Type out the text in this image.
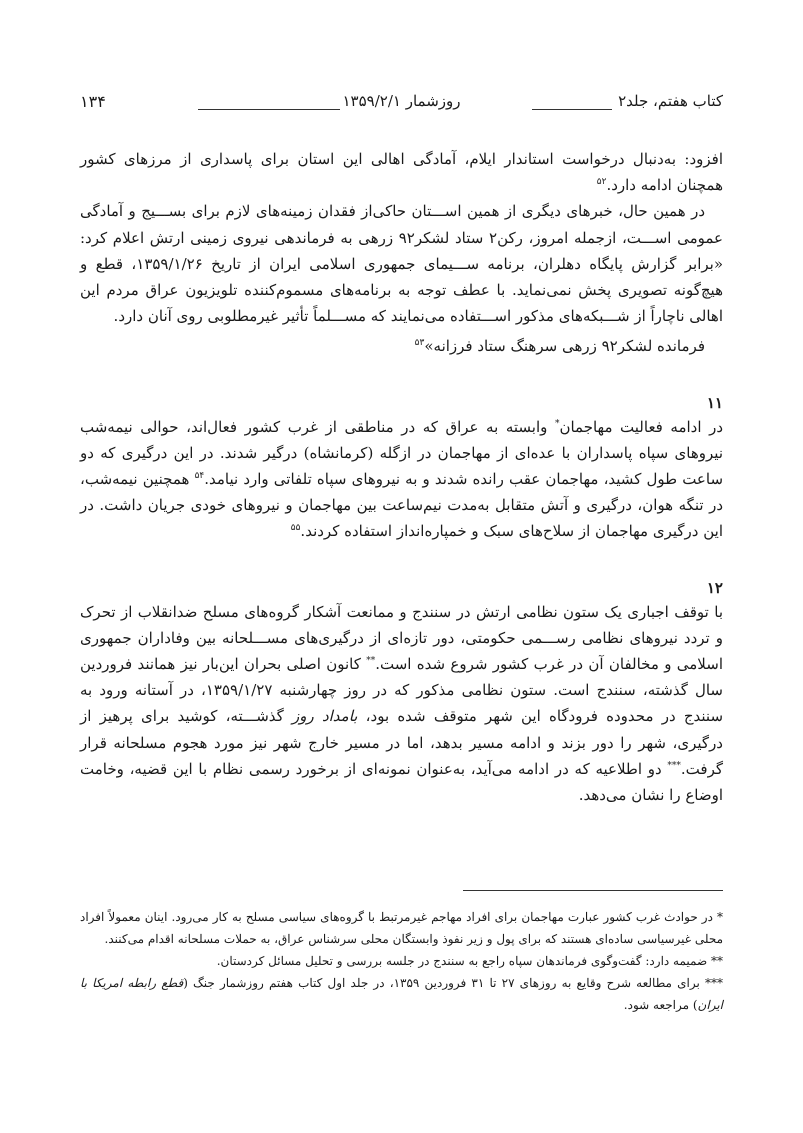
۱۳۴	روزشمار ۱۳۵۹/۲/۱	کتاب هفتم، جلد۲

افزود: به‌دنبال درخواست استاندار ایلام، آمادگی اهالی این استان برای پاسداری از مرزهای کشور همچنان ادامه دارد.$^{۵۲}$

در همین حال، خبرهای دیگری از همین اســـتان حاکی‌از فقدان زمینه‌های لازم برای بســـیج و آمادگی عمومی اســـت، ازجمله امروز، رکن۲ ستاد لشکر۹۲ زرهی به فرماندهی نیروی زمینی ارتش اعلام کرد: «برابر گزارش پایگاه دهلران، برنامه ســـیمای جمهوری اسلامی ایران از تاریخ ۱۳۵۹/۱/۲۶، قطع و هیچ‌گونه تصویری پخش نمی‌نماید. با عطف توجه به برنامه‌های مسموم‌کننده تلویزیون عراق مردم این اهالی ناچاراً از شـــبکه‌های مذکور اســـتفاده می‌نمایند که مســـلماً تأثیر غیرمطلوبی روی آنان دارد.

فرمانده لشکر۹۲ زرهی سرهنگ ستاد فرزانه»$^{۵۳}$

۱۱

در ادامه فعالیت مهاجمان* وابسته به عراق که در مناطقی از غرب کشور فعال‌اند، حوالی نیمه‌شب نیروهای سپاه پاسداران با عده‌ای از مهاجمان در ازگله (کرمانشاه) درگیر شدند. در این درگیری که دو ساعت طول کشید، مهاجمان عقب رانده شدند و به نیروهای سپاه تلفاتی وارد نیامد.$^{۵۴}$ همچنین نیمه‌شب، در تنگه هوان، درگیری و آتش متقابل به‌مدت نیم‌ساعت بین مهاجمان و نیروهای خودی جریان داشت. در این درگیری مهاجمان از سلاح‌های سبک و خمپاره‌انداز استفاده کردند.$^{۵۵}$

۱۲

با توقف اجباری یک ستون نظامی ارتش در سنندج و ممانعت آشکار گروه‌های مسلح ضدانقلاب از تحرک و تردد نیروهای نظامی رســـمی حکومتی، دور تازه‌ای از درگیری‌های مســـلحانه بین وفاداران جمهوری اسلامی و مخالفان آن در غرب کشور شروع شده است.** کانون اصلی بحران این‌بار نیز همانند فروردین سال گذشته، سنندج است. ستون نظامی مذکور که در روز چهارشنبه ۱۳۵۹/۱/۲۷، در آستانه ورود به سنندج در محدوده فرودگاه این شهر متوقف شده بود، بامداد روز گذشـــته، کوشید برای پرهیز از درگیری، شهر را دور بزند و ادامه مسیر بدهد، اما در مسیر خارج شهر نیز مورد هجوم مسلحانه قرار گرفت.*** دو اطلاعیه که در ادامه می‌آید، به‌عنوان نمونه‌ای از برخورد رسمی نظام با این قضیه، وخامت اوضاع را نشان می‌دهد.

* در حوادث غرب کشور عبارت مهاجمان برای افراد مهاجم غیرمرتبط با گروه‌های سیاسی مسلح به کار می‌رود. اینان معمولاً افراد محلی غیرسیاسی ساده‌ای هستند که برای پول و زیر نفوذ وابستگان محلی سرشناس عراق، به حملات مسلحانه اقدام می‌کنند.

** ضمیمه دارد: گفت‌وگوی فرماندهان سپاه راجع به سنندج در جلسه بررسی و تحلیل مسائل کردستان.

*** برای مطالعه شرح وقایع به روزهای ۲۷ تا ۳۱ فروردین ۱۳۵۹، در جلد اول کتاب هفتم روزشمار جنگ (قطع رابطه امریکا با ایران) مراجعه شود.
